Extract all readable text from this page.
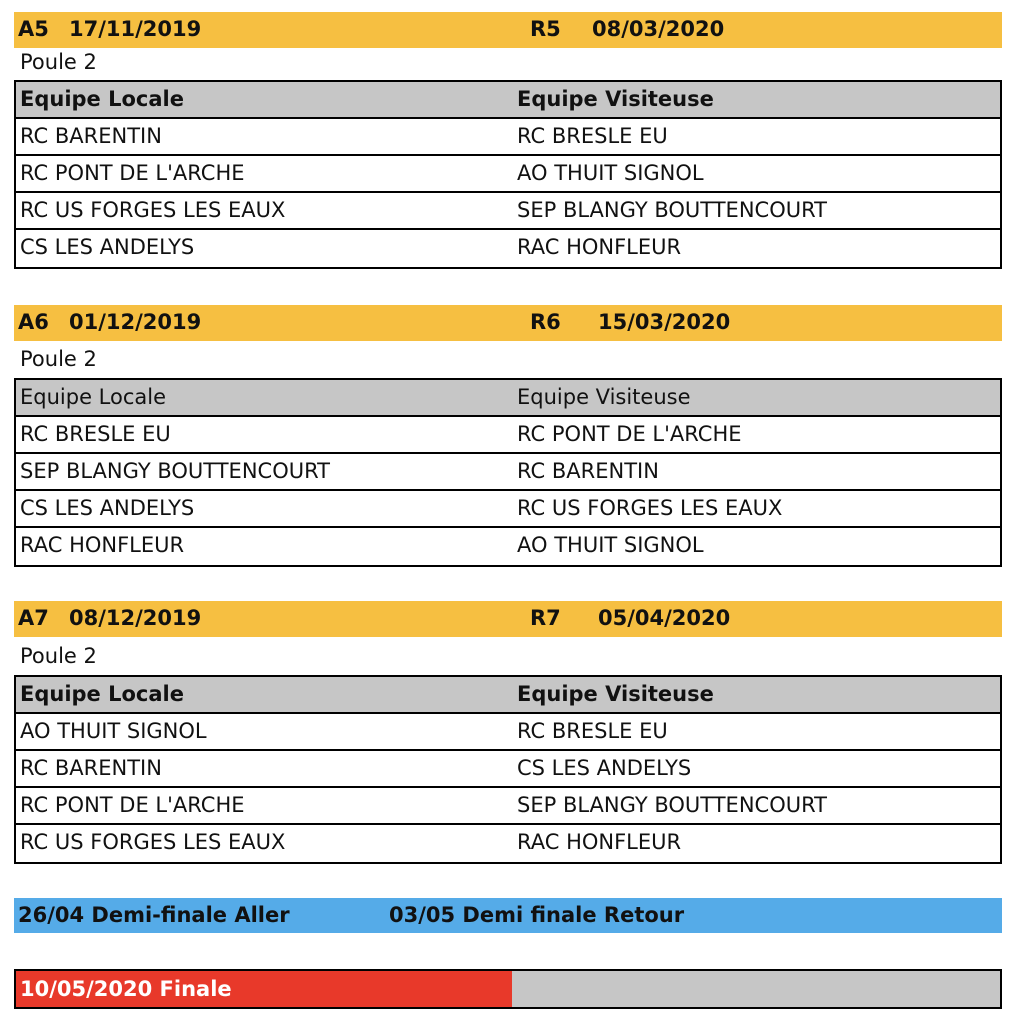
A5 17/11/2019	R5 08/03/2020
Poule 2
Equipe Locale	Equipe Visiteuse
RC BARENTIN	RC BRESLE EU
RC PONT DE L'ARCHE	AO THUIT SIGNOL
RC US FORGES LES EAUX	SEP BLANGY BOUTTENCOURT
CS LES ANDELYS	RAC HONFLEUR
A6 01/12/2019	R6 15/03/2020
Poule 2
Equipe Locale	Equipe Visiteuse
RC BRESLE EU	RC PONT DE L'ARCHE
SEP BLANGY BOUTTENCOURT	RC BARENTIN
CS LES ANDELYS	RC US FORGES LES EAUX
RAC HONFLEUR	AO THUIT SIGNOL
A7 08/12/2019	R7 05/04/2020
Poule 2
Equipe Locale	Equipe Visiteuse
AO THUIT SIGNOL	RC BRESLE EU
RC BARENTIN	CS LES ANDELYS
RC PONT DE L'ARCHE	SEP BLANGY BOUTTENCOURT
RC US FORGES LES EAUX	RAC HONFLEUR
26/04 Demi-finale Aller	03/05 Demi finale Retour
10/05/2020 Finale
